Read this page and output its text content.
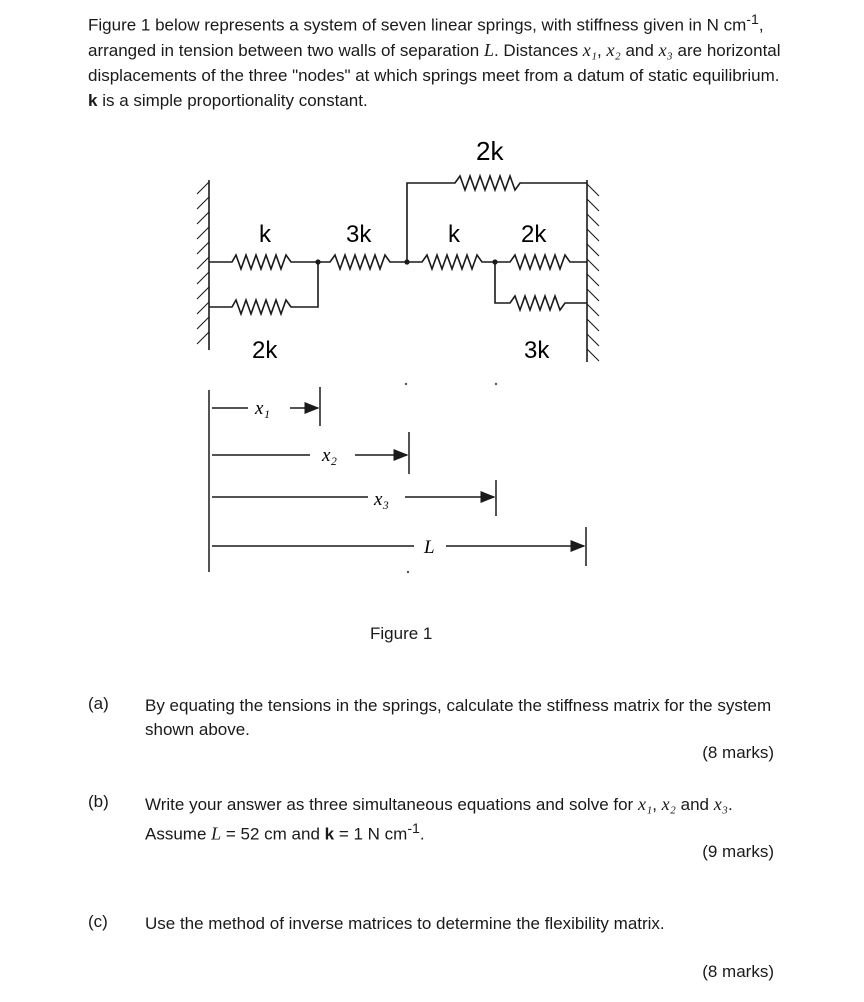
Figure 1 below represents a system of seven linear springs, with stiffness given in N $cm^{-1}$, arranged in tension between two walls of separation L. Distances x₁, x₂ and x₃ are horizontal displacements of the three "nodes" at which springs meet from a datum of static equilibrium. k is a simple proportionality constant.
2k
k	3k	k	2k
2k	3k
x₁
x₂
x₃
L
Figure 1
(a) By equating the tensions in the springs, calculate the stiffness matrix for the system shown above.
(8 marks)
(b) Write your answer as three simultaneous equations and solve for x₁, x₂ and x₃.
Assume L = 52 cm and k = 1 N $cm^{-1}$.
(9 marks)
(c) Use the method of inverse matrices to determine the flexibility matrix.
(8 marks)
